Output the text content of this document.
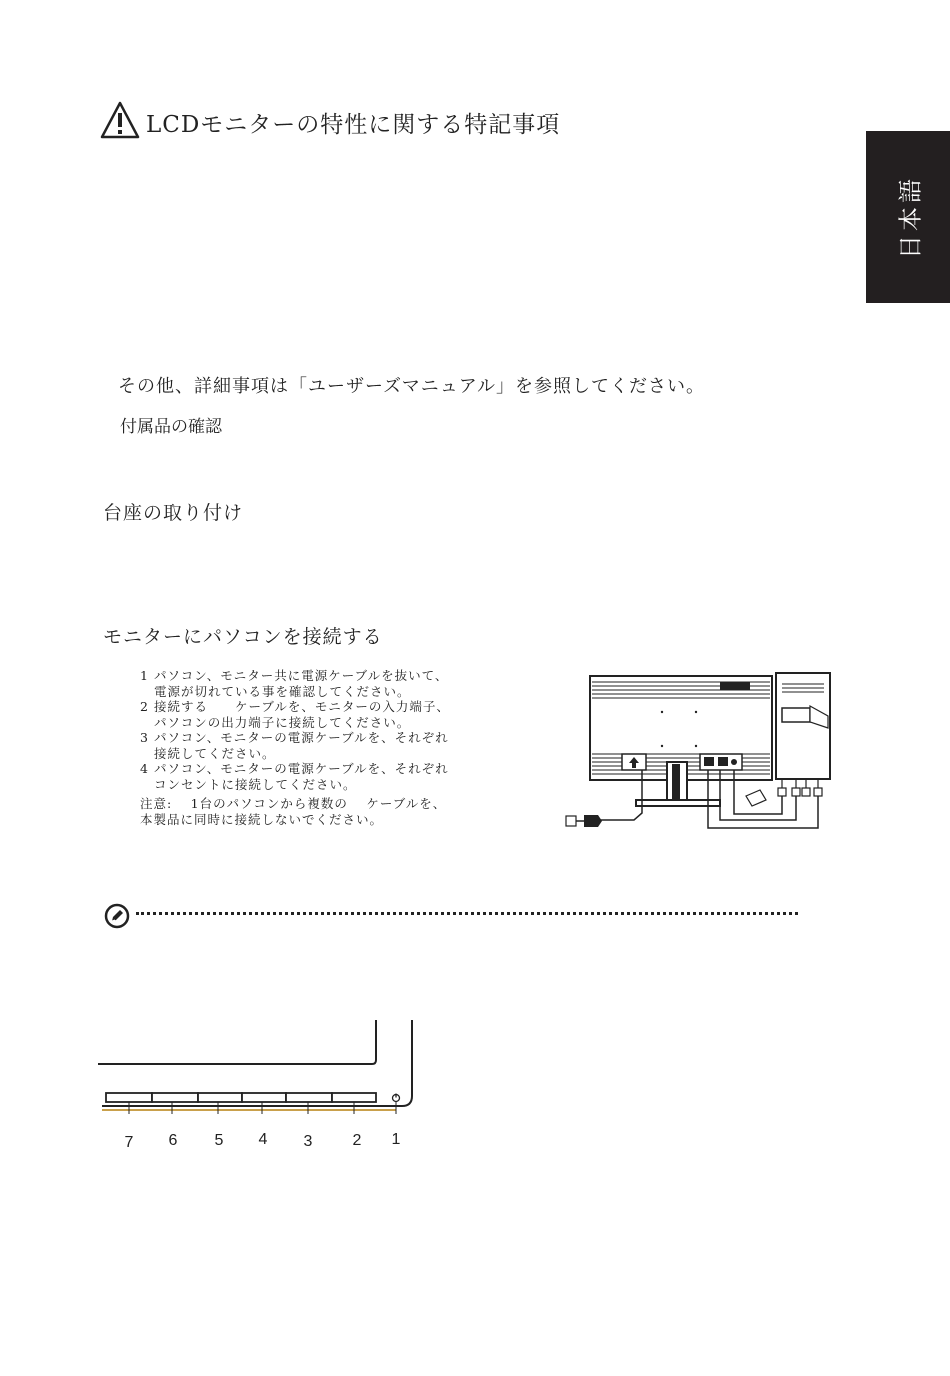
日本語
LCDモニターの特性に関する特記事項
その他、詳細事項は「ユーザーズマニュアル」を参照してください。
付属品の確認
台座の取り付け
モニターにパソコンを接続する
1 パソコン、モニター共に電源ケーブルを抜いて、
電源が切れている事を確認してください。
2 接続する　　ケーブルを、モニターの入力端子、
パソコンの出力端子に接続してください。
3 パソコン、モニターの電源ケーブルを、それぞれ
接続してください。
4 パソコン、モニターの電源ケーブルを、それぞれ
コンセントに接続してください。
注意:　 1台のパソコンから複数の　 ケーブルを、
本製品に同時に接続しないでください。
7	6	5	4	3	2	1
